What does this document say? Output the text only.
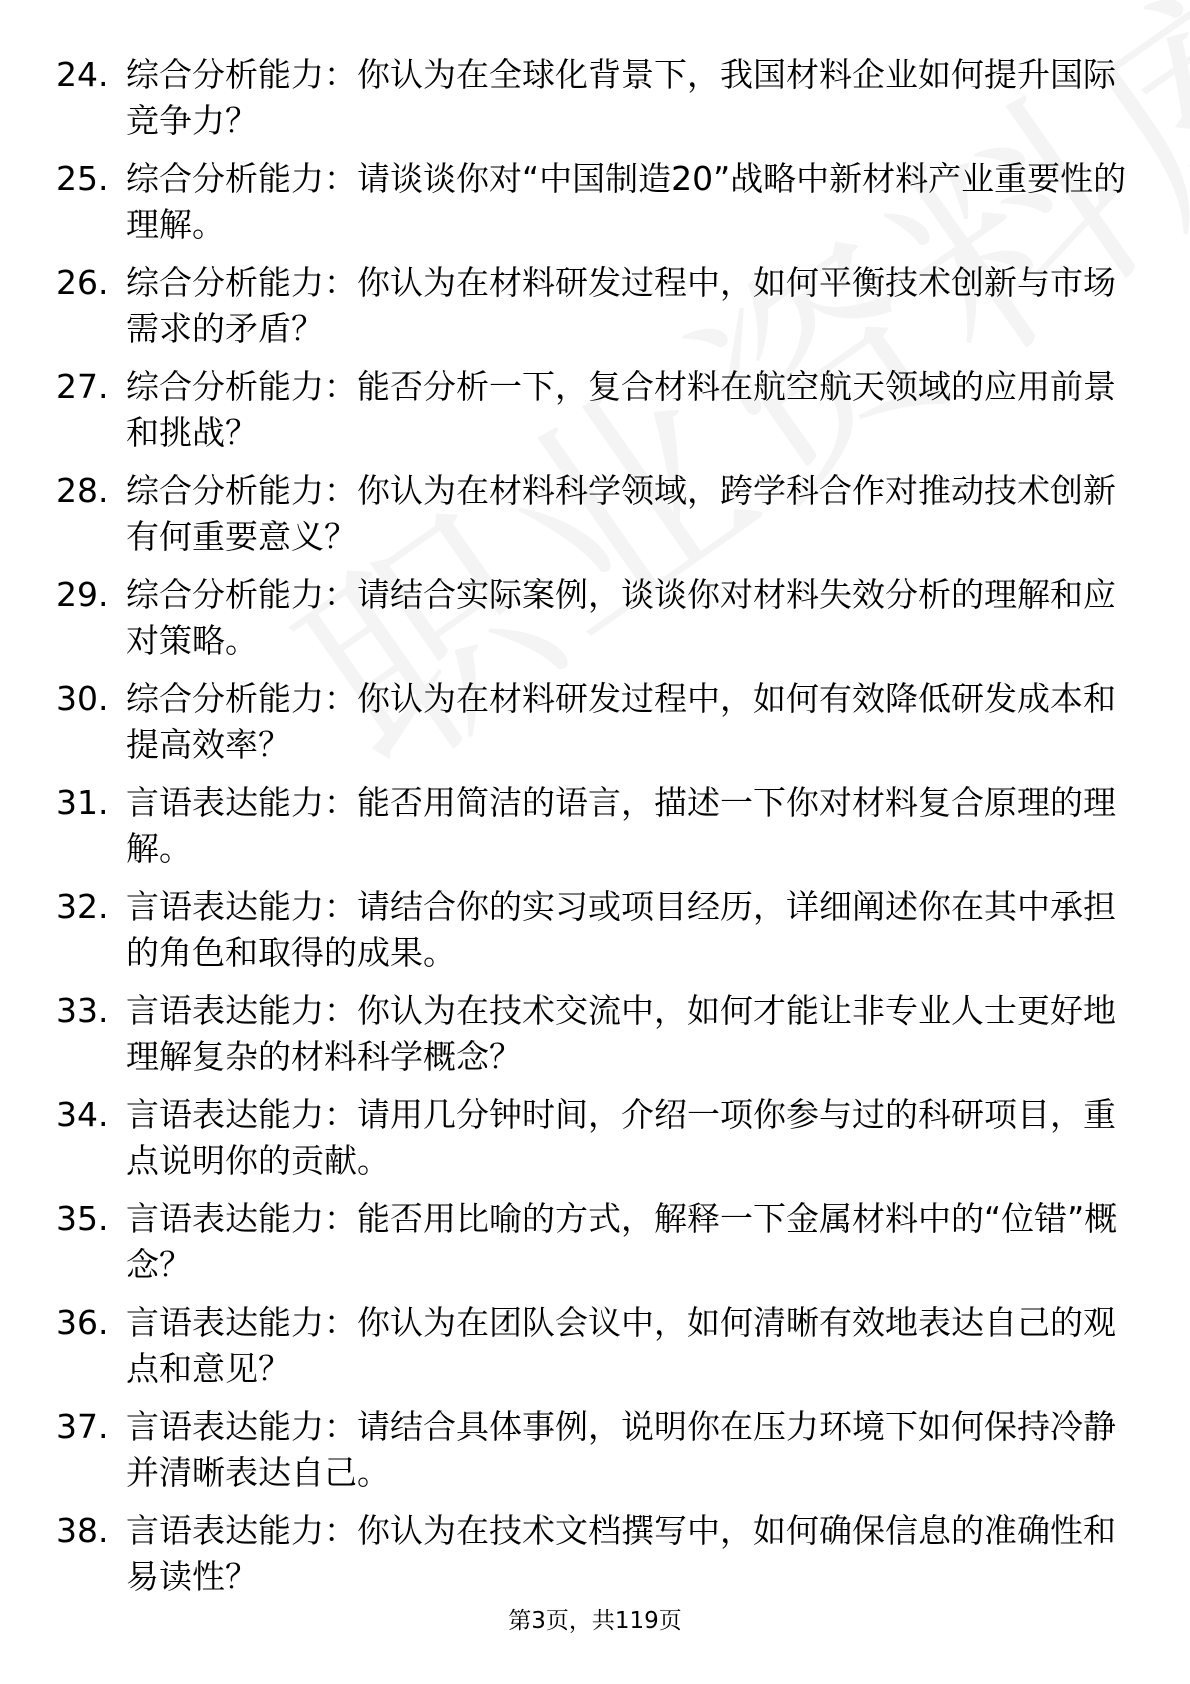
24. 综合分析能力：你认为在全球化背景下，我国材料企业如何提升国际竞争力？
25. 综合分析能力：请谈谈你对“中国制造20”战略中新材料产业重要性的理解。
26. 综合分析能力：你认为在材料研发过程中，如何平衡技术创新与市场需求的矛盾？
27. 综合分析能力：能否分析一下，复合材料在航空航天领域的应用前景和挑战？
28. 综合分析能力：你认为在材料科学领域，跨学科合作对推动技术创新有何重要意义？
29. 综合分析能力：请结合实际案例，谈谈你对材料失效分析的理解和应对策略。
30. 综合分析能力：你认为在材料研发过程中，如何有效降低研发成本和提高效率？
31. 言语表达能力：能否用简洁的语言，描述一下你对材料复合原理的理解。
32. 言语表达能力：请结合你的实习或项目经历，详细阐述你在其中承担的角色和取得的成果。
33. 言语表达能力：你认为在技术交流中，如何才能让非专业人士更好地理解复杂的材料科学概念？
34. 言语表达能力：请用几分钟时间，介绍一项你参与过的科研项目，重点说明你的贡献。
35. 言语表达能力：能否用比喻的方式，解释一下金属材料中的“位错”概念？
36. 言语表达能力：你认为在团队会议中，如何清晰有效地表达自己的观点和意见？
37. 言语表达能力：请结合具体事例，说明你在压力环境下如何保持冷静并清晰表达自己。
38. 言语表达能力：你认为在技术文档撰写中，如何确保信息的准确性和易读性？
第3页，共119页
